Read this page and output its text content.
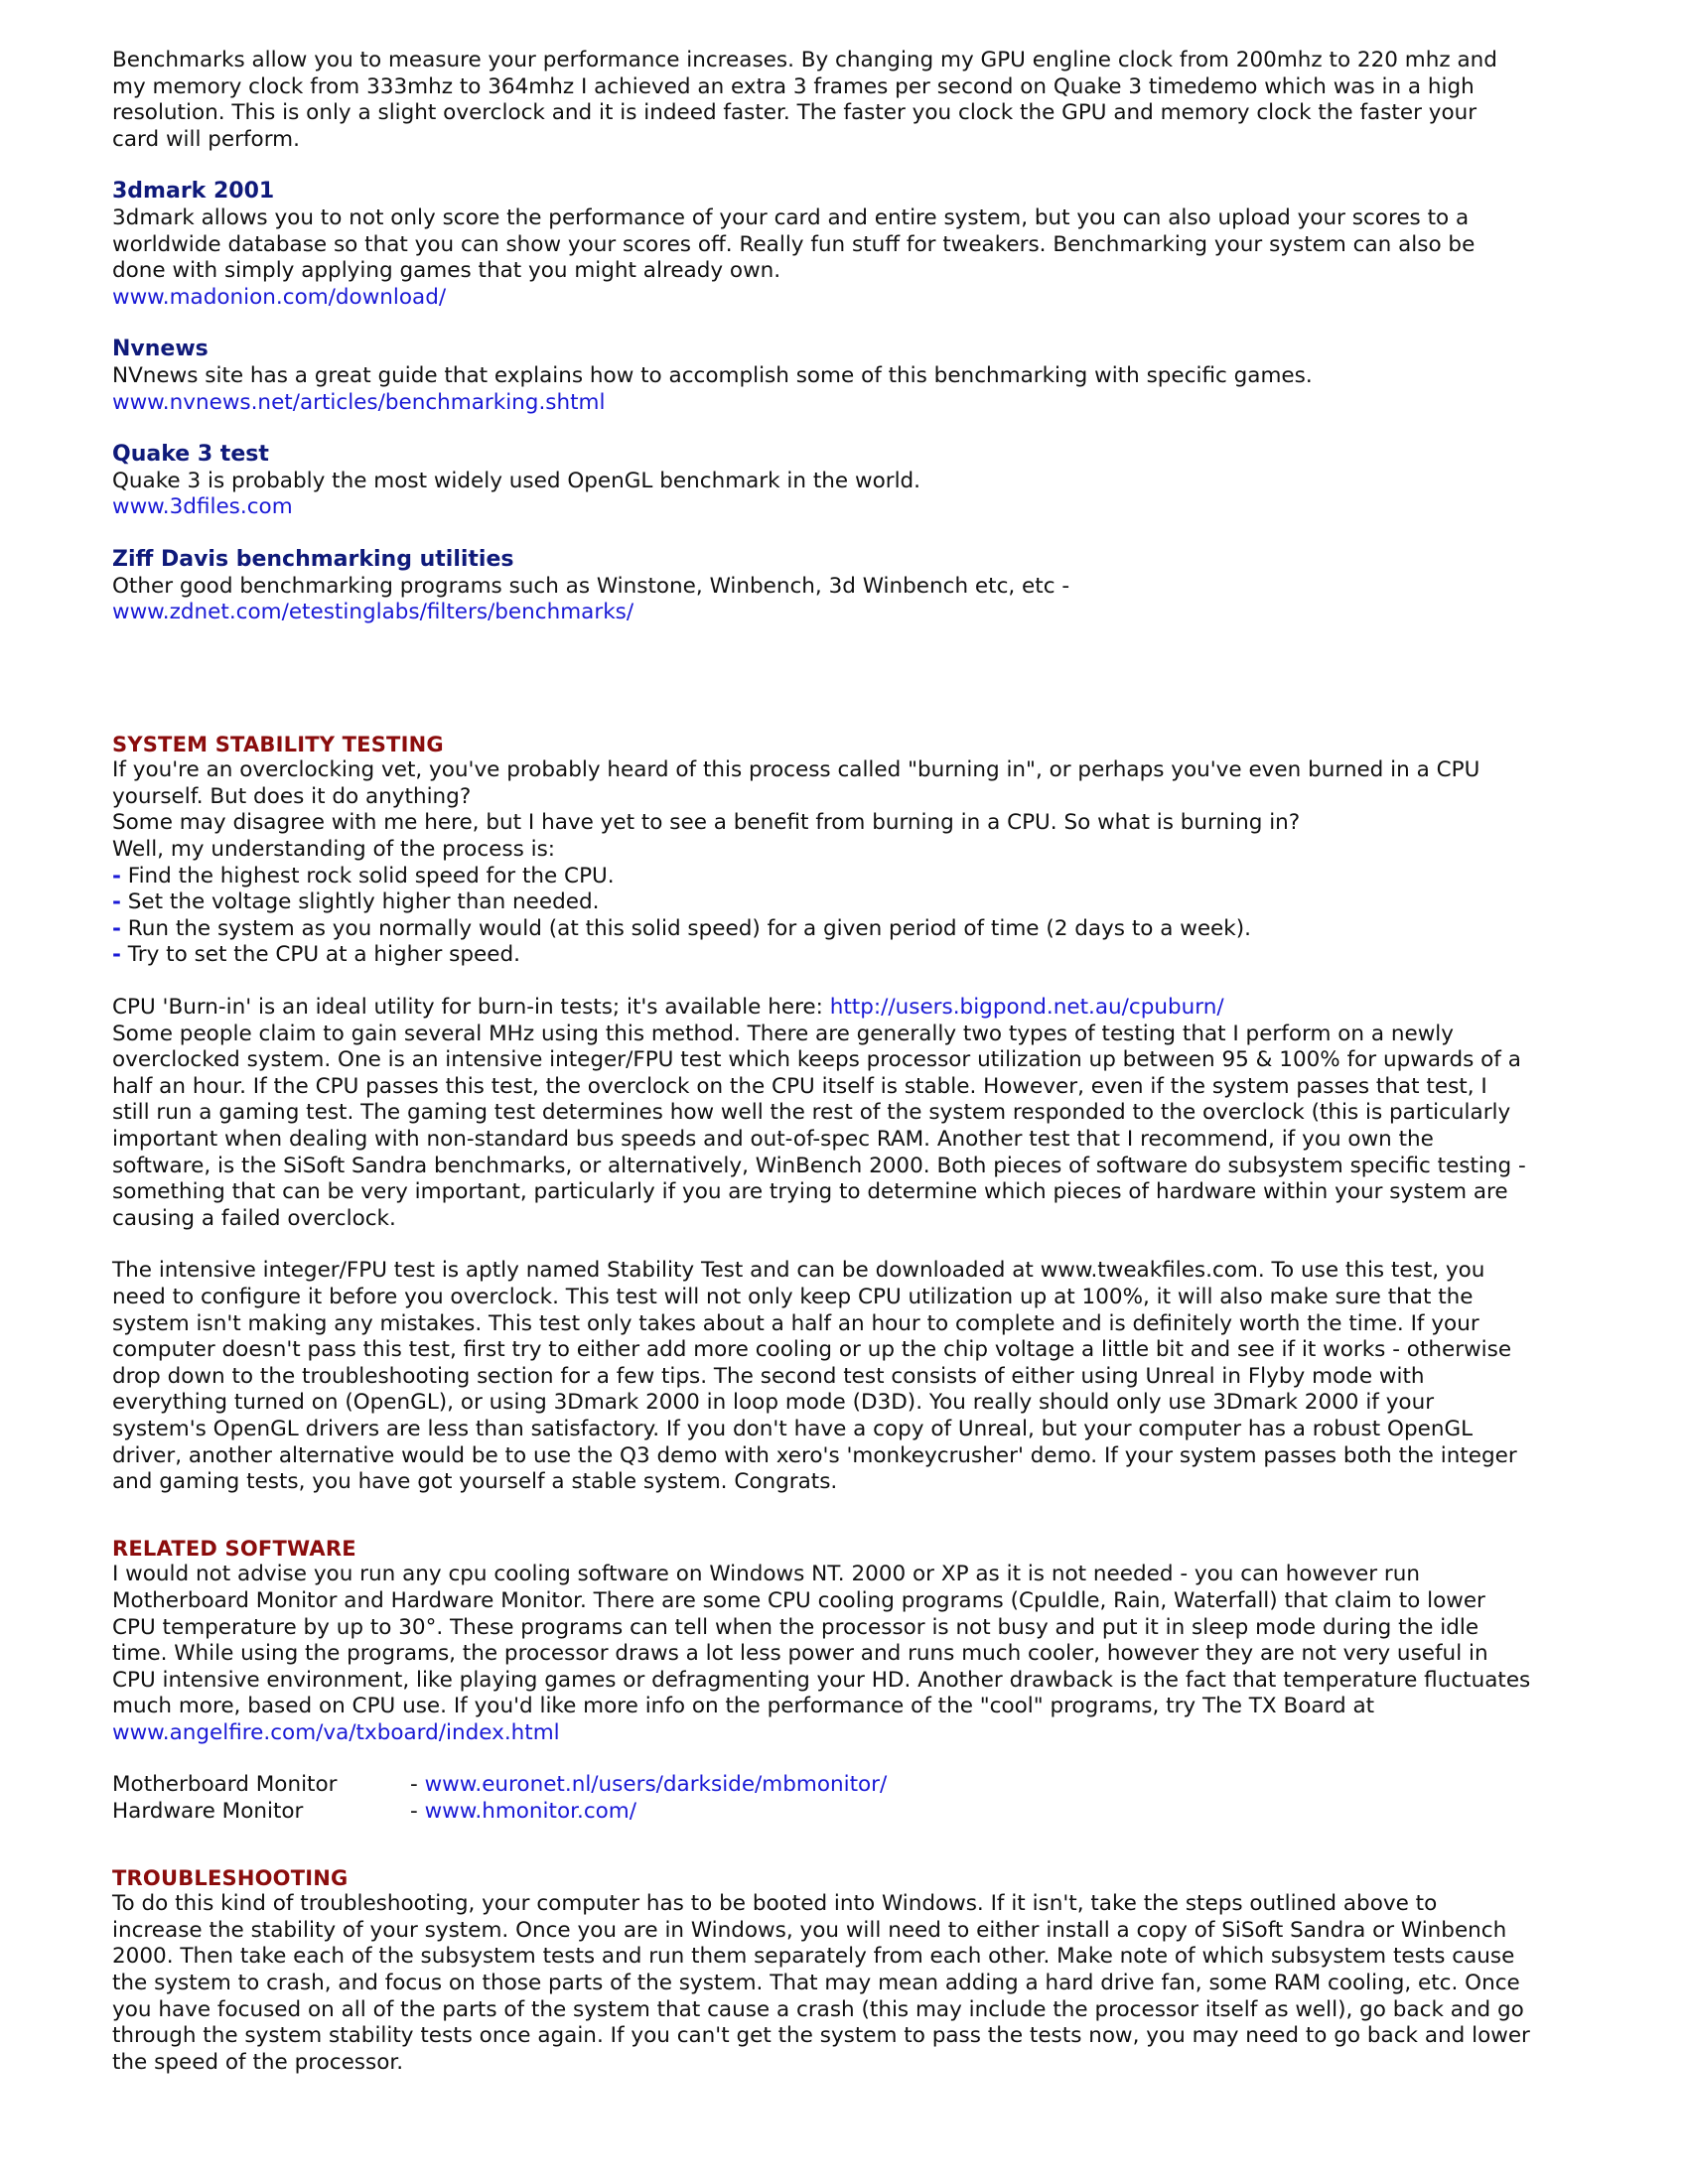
Benchmarks allow you to measure your performance increases. By changing my GPU engline clock from 200mhz to 220 mhz and

my memory clock from 333mhz to 364mhz I achieved an extra 3 frames per second on Quake 3 timedemo which was in a high

resolution. This is only a slight overclock and it is indeed faster. The faster you clock the GPU and memory clock the faster your

card will perform.

3dmark 2001

3dmark allows you to not only score the performance of your card and entire system, but you can also upload your scores to a

worldwide database so that you can show your scores off. Really fun stuff for tweakers. Benchmarking your system can also be

done with simply applying games that you might already own.

www.madonion.com/download/

Nvnews

NVnews site has a great guide that explains how to accomplish some of this benchmarking with specific games.

www.nvnews.net/articles/benchmarking.shtml

Quake 3 test

Quake 3 is probably the most widely used OpenGL benchmark in the world.

www.3dfiles.com

Ziff Davis benchmarking utilities

Other good benchmarking programs such as Winstone, Winbench, 3d Winbench etc, etc -

www.zdnet.com/etestinglabs/filters/benchmarks/

SYSTEM STABILITY TESTING

If you're an overclocking vet, you've probably heard of this process called "burning in", or perhaps you've even burned in a CPU

yourself. But does it do anything?

Some may disagree with me here, but I have yet to see a benefit from burning in a CPU. So what is burning in?

Well, my understanding of the process is:

- Find the highest rock solid speed for the CPU.

- Set the voltage slightly higher than needed.

- Run the system as you normally would (at this solid speed) for a given period of time (2 days to a week).

- Try to set the CPU at a higher speed.

CPU 'Burn-in' is an ideal utility for burn-in tests; it's available here: http://users.bigpond.net.au/cpuburn/

Some people claim to gain several MHz using this method. There are generally two types of testing that I perform on a newly

overclocked system. One is an intensive integer/FPU test which keeps processor utilization up between 95 & 100% for upwards of a

half an hour. If the CPU passes this test, the overclock on the CPU itself is stable. However, even if the system passes that test, I

still run a gaming test. The gaming test determines how well the rest of the system responded to the overclock (this is particularly

important when dealing with non-standard bus speeds and out-of-spec RAM. Another test that I recommend, if you own the

software, is the SiSoft Sandra benchmarks, or alternatively, WinBench 2000. Both pieces of software do subsystem specific testing -

something that can be very important, particularly if you are trying to determine which pieces of hardware within your system are

causing a failed overclock.

The intensive integer/FPU test is aptly named Stability Test and can be downloaded at www.tweakfiles.com. To use this test, you

need to configure it before you overclock. This test will not only keep CPU utilization up at 100%, it will also make sure that the

system isn't making any mistakes. This test only takes about a half an hour to complete and is definitely worth the time. If your

computer doesn't pass this test, first try to either add more cooling or up the chip voltage a little bit and see if it works - otherwise

drop down to the troubleshooting section for a few tips. The second test consists of either using Unreal in Flyby mode with

everything turned on (OpenGL), or using 3Dmark 2000 in loop mode (D3D). You really should only use 3Dmark 2000 if your

system's OpenGL drivers are less than satisfactory. If you don't have a copy of Unreal, but your computer has a robust OpenGL

driver, another alternative would be to use the Q3 demo with xero's 'monkeycrusher' demo. If your system passes both the integer

and gaming tests, you have got yourself a stable system. Congrats.

RELATED SOFTWARE

I would not advise you run any cpu cooling software on Windows NT. 2000 or XP as it is not needed - you can however run

Motherboard Monitor and Hardware Monitor. There are some CPU cooling programs (CpuIdle, Rain, Waterfall) that claim to lower

CPU temperature by up to 30°. These programs can tell when the processor is not busy and put it in sleep mode during the idle

time. While using the programs, the processor draws a lot less power and runs much cooler, however they are not very useful in

CPU intensive environment, like playing games or defragmenting your HD. Another drawback is the fact that temperature fluctuates

much more, based on CPU use. If you'd like more info on the performance of the "cool" programs, try The TX Board at

www.angelfire.com/va/txboard/index.html

Motherboard Monitor	- www.euronet.nl/users/darkside/mbmonitor/
Hardware Monitor	- www.hmonitor.com/

TROUBLESHOOTING

To do this kind of troubleshooting, your computer has to be booted into Windows. If it isn't, take the steps outlined above to

increase the stability of your system. Once you are in Windows, you will need to either install a copy of SiSoft Sandra or Winbench

2000. Then take each of the subsystem tests and run them separately from each other. Make note of which subsystem tests cause

the system to crash, and focus on those parts of the system. That may mean adding a hard drive fan, some RAM cooling, etc. Once

you have focused on all of the parts of the system that cause a crash (this may include the processor itself as well), go back and go

through the system stability tests once again. If you can't get the system to pass the tests now, you may need to go back and lower

the speed of the processor.
